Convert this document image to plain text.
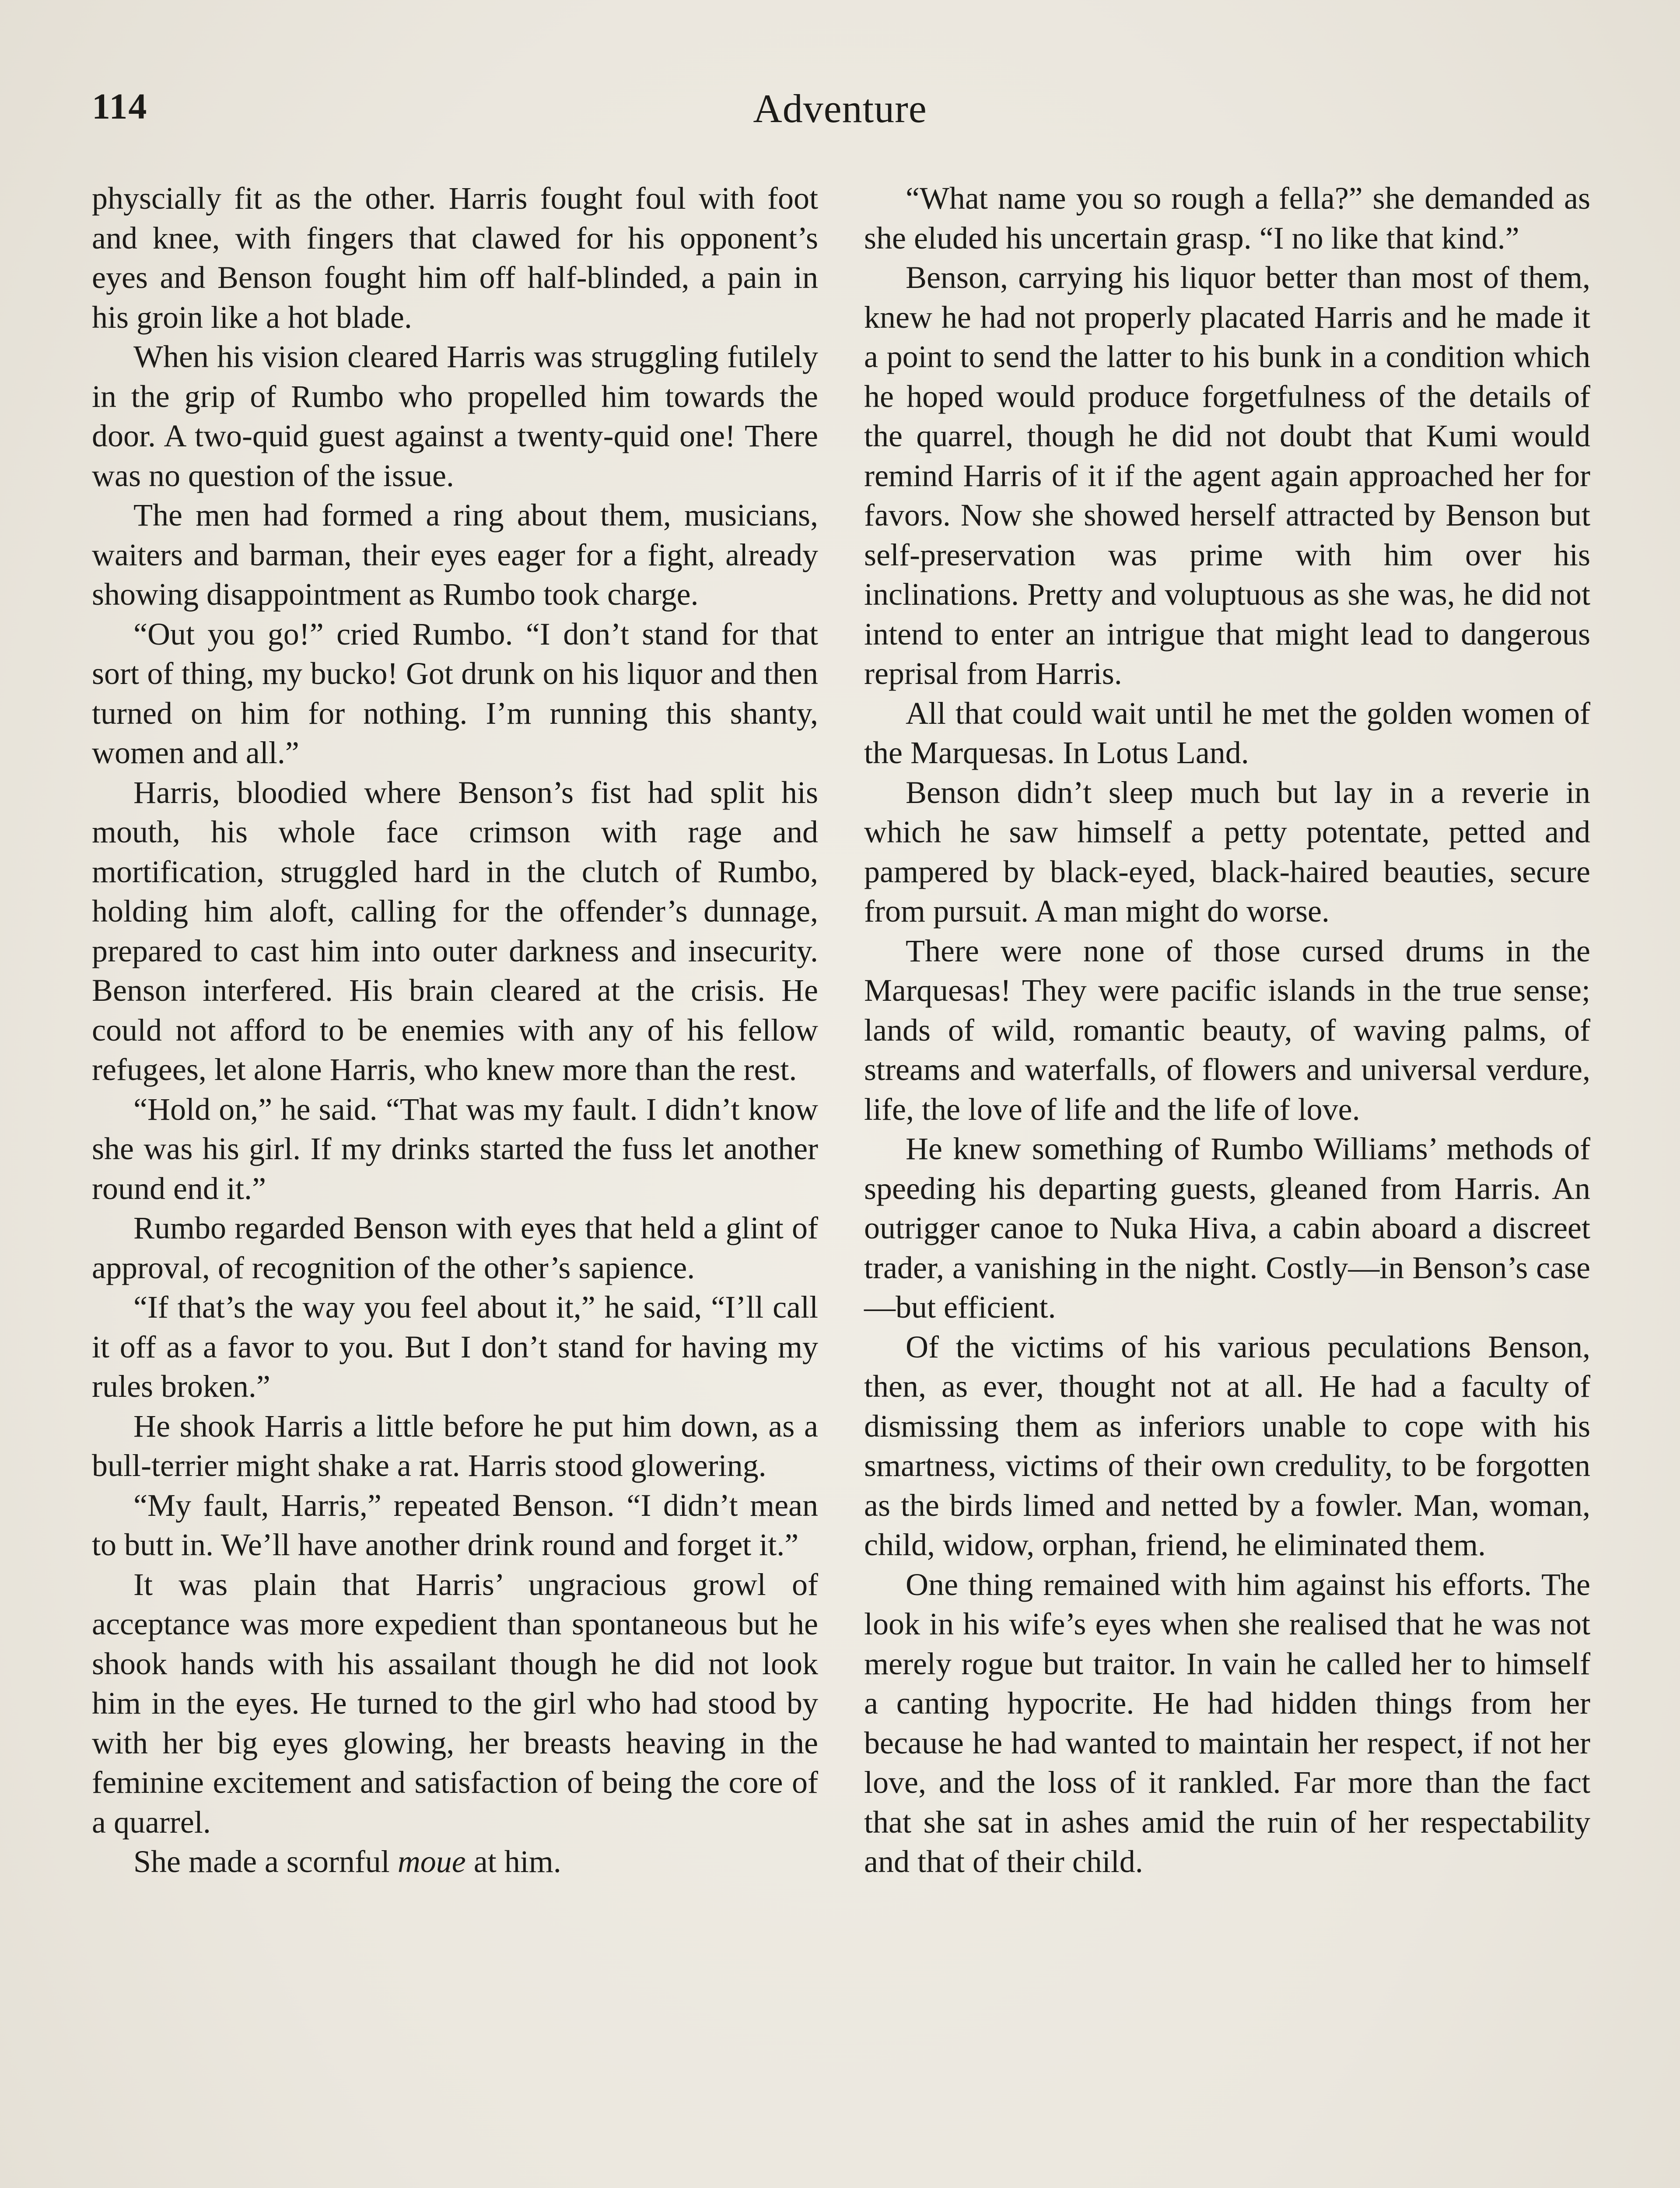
114	Adventure

physcially fit as the other. Harris fought foul with foot and knee, with fingers that clawed for his opponent’s eyes and Benson fought him off half-blinded, a pain in his groin like a hot blade.

When his vision cleared Harris was struggling futilely in the grip of Rumbo who propelled him towards the door. A two-quid guest against a twenty-quid one! There was no question of the issue.

The men had formed a ring about them, musicians, waiters and barman, their eyes eager for a fight, already showing disappointment as Rumbo took charge.

“Out you go!” cried Rumbo. “I don’t stand for that sort of thing, my bucko! Got drunk on his liquor and then turned on him for nothing. I’m running this shanty, women and all.”

Harris, bloodied where Benson’s fist had split his mouth, his whole face crimson with rage and mortification, struggled hard in the clutch of Rumbo, holding him aloft, calling for the offender’s dunnage, prepared to cast him into outer darkness and insecurity. Benson interfered. His brain cleared at the crisis. He could not afford to be enemies with any of his fellow refugees, let alone Harris, who knew more than the rest.

“Hold on,” he said. “That was my fault. I didn’t know she was his girl. If my drinks started the fuss let another round end it.”

Rumbo regarded Benson with eyes that held a glint of approval, of recognition of the other’s sapience.

“If that’s the way you feel about it,” he said, “I’ll call it off as a favor to you. But I don’t stand for having my rules broken.”

He shook Harris a little before he put him down, as a bull-terrier might shake a rat. Harris stood glowering.

“My fault, Harris,” repeated Benson. “I didn’t mean to butt in. We’ll have another drink round and forget it.”

It was plain that Harris’ ungracious growl of acceptance was more expedient than spontaneous but he shook hands with his assailant though he did not look him in the eyes. He turned to the girl who had stood by with her big eyes glowing, her breasts heaving in the feminine excitement and satisfaction of being the core of a quarrel.

She made a scornful moue at him.

“What name you so rough a fella?” she demanded as she eluded his uncertain grasp. “I no like that kind.”

Benson, carrying his liquor better than most of them, knew he had not properly placated Harris and he made it a point to send the latter to his bunk in a condition which he hoped would produce forgetfulness of the details of the quarrel, though he did not doubt that Kumi would remind Harris of it if the agent again approached her for favors. Now she showed herself attracted by Benson but self-preservation was prime with him over his inclinations. Pretty and voluptuous as she was, he did not intend to enter an intrigue that might lead to dangerous reprisal from Harris.

All that could wait until he met the golden women of the Marquesas. In Lotus Land.

Benson didn’t sleep much but lay in a reverie in which he saw himself a petty potentate, petted and pampered by black-eyed, black-haired beauties, secure from pursuit. A man might do worse.

There were none of those cursed drums in the Marquesas! They were pacific islands in the true sense; lands of wild, romantic beauty, of waving palms, of streams and waterfalls, of flowers and universal verdure, life, the love of life and the life of love.

He knew something of Rumbo Williams’ methods of speeding his departing guests, gleaned from Harris. An outrigger canoe to Nuka Hiva, a cabin aboard a discreet trader, a vanishing in the night. Costly—in Benson’s case—but efficient.

Of the victims of his various peculations Benson, then, as ever, thought not at all. He had a faculty of dismissing them as inferiors unable to cope with his smartness, victims of their own credulity, to be forgotten as the birds limed and netted by a fowler. Man, woman, child, widow, orphan, friend, he eliminated them.

One thing remained with him against his efforts. The look in his wife’s eyes when she realised that he was not merely rogue but traitor. In vain he called her to himself a canting hypocrite. He had hidden things from her because he had wanted to maintain her respect, if not her love, and the loss of it rankled. Far more than the fact that she sat in ashes amid the ruin of her respectability and that of their child.
